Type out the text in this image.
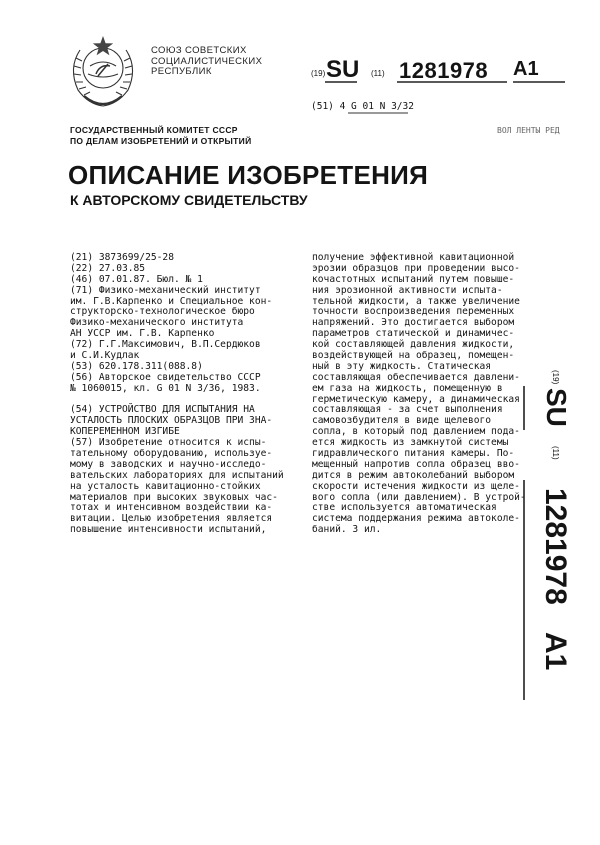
СОЮЗ СОВЕТСКИХ
СОЦИАЛИСТИЧЕСКИХ
РЕСПУБЛИК	(19) SU (11) 1281978 A1
(51) 4 G 01 N 3/32
ВОЛ ЛЕНТЫ РЕД
ГОСУДАРСТВЕННЫЙ КОМИТЕТ СССР
ПО ДЕЛАМ ИЗОБРЕТЕНИЙ И ОТКРЫТИЙ
ОПИСАНИЕ ИЗОБРЕТЕНИЯ
К АВТОРСКОМУ СВИДЕТЕЛЬСТВУ
(21) 3873699/25-28
(22) 27.03.85
(46) 07.01.87. Бюл. № 1
(71) Физико-механический институт
им. Г.В.Карпенко и Специальное кон-
структорско-технологическое бюро
Физико-механического института
АН УССР им. Г.В. Карпенко
(72) Г.Г.Максимович, В.П.Сердюков
и С.И.Кудлак
(53) 620.178.311(088.8)
(56) Авторское свидетельство СССР
№ 1060015, кл. G 01 N 3/36, 1983.
(54) УСТРОЙСТВО ДЛЯ ИСПЫТАНИЯ НА
УСТАЛОСТЬ ПЛОСКИХ ОБРАЗЦОВ ПРИ ЗНА-
КОПЕРЕМЕННОМ ИЗГИБЕ
(57) Изобретение относится к испы-
тательному оборудованию, используе-
мому в заводских и научно-исследо-
вательских лабораториях для испытаний
на усталость кавитационно-стойких
материалов при высоких звуковых час-
тотах и интенсивном воздействии ка-
витации. Целью изобретения является
повышение интенсивности испытаний,
получение эффективной кавитационной
эрозии образцов при проведении высо-
кочастотных испытаний путем повыше-
ния эрозионной активности испыта-
тельной жидкости, а также увеличение
точности воспроизведения переменных
напряжений. Это достигается выбором
параметров статической и динамичес-
кой составляющей давления жидкости,
воздействующей на образец, помещен-
ный в эту жидкость. Статическая
составляющая обеспечивается давлени-
ем газа на жидкость, помещенную в
герметическую камеру, а динамическая
составляющая - за счет выполнения
самовозбудителя в виде щелевого
сопла, в который под давлением пода-
ется жидкость из замкнутой системы
гидравлического питания камеры. По-
мещенный напротив сопла образец вво-
дится в режим автоколебаний выбором
скорости истечения жидкости из щеле-
вого сопла (или давлением). В устрой-
стве используется автоматическая
система поддержания режима автоколе-
баний. 3 ил.
(19)
SU
(11)
1281978
A1
